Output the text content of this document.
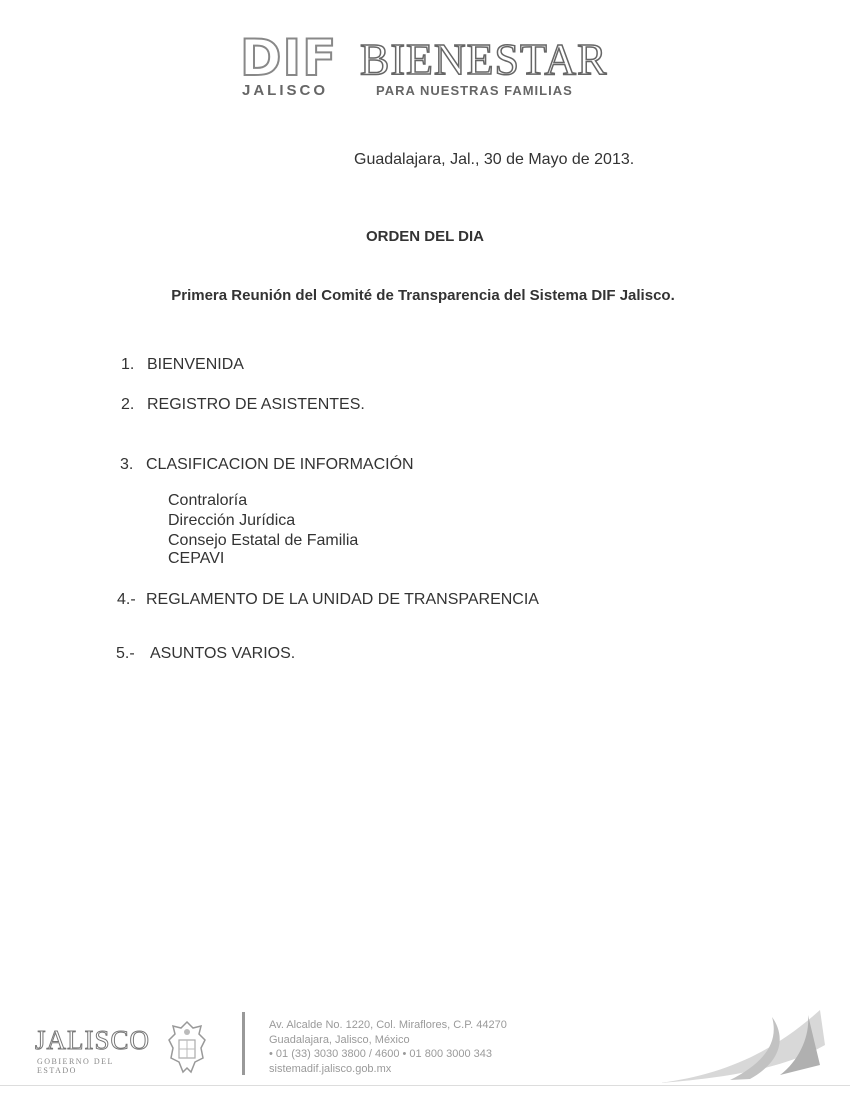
DIF
JALISCO
BIENESTAR
PARA NUESTRAS FAMILIAS
Guadalajara, Jal., 30 de Mayo de 2013.
ORDEN DEL DIA
Primera Reunión del Comité de Transparencia del Sistema DIF Jalisco.
1. BIENVENIDA
2. REGISTRO DE ASISTENTES.
3. CLASIFICACION DE INFORMACIÓN
Contraloría
Dirección Jurídica
Consejo Estatal de Familia
CEPAVI
4.- REGLAMENTO DE LA UNIDAD DE TRANSPARENCIA
5.- ASUNTOS VARIOS.
JALISCO
GOBIERNO DEL ESTADO
Av. Alcalde No. 1220, Col. Miraflores, C.P. 44270
Guadalajara, Jalisco, México
• 01 (33) 3030 3800 / 4600 • 01 800 3000 343
sistemadif.jalisco.gob.mx
